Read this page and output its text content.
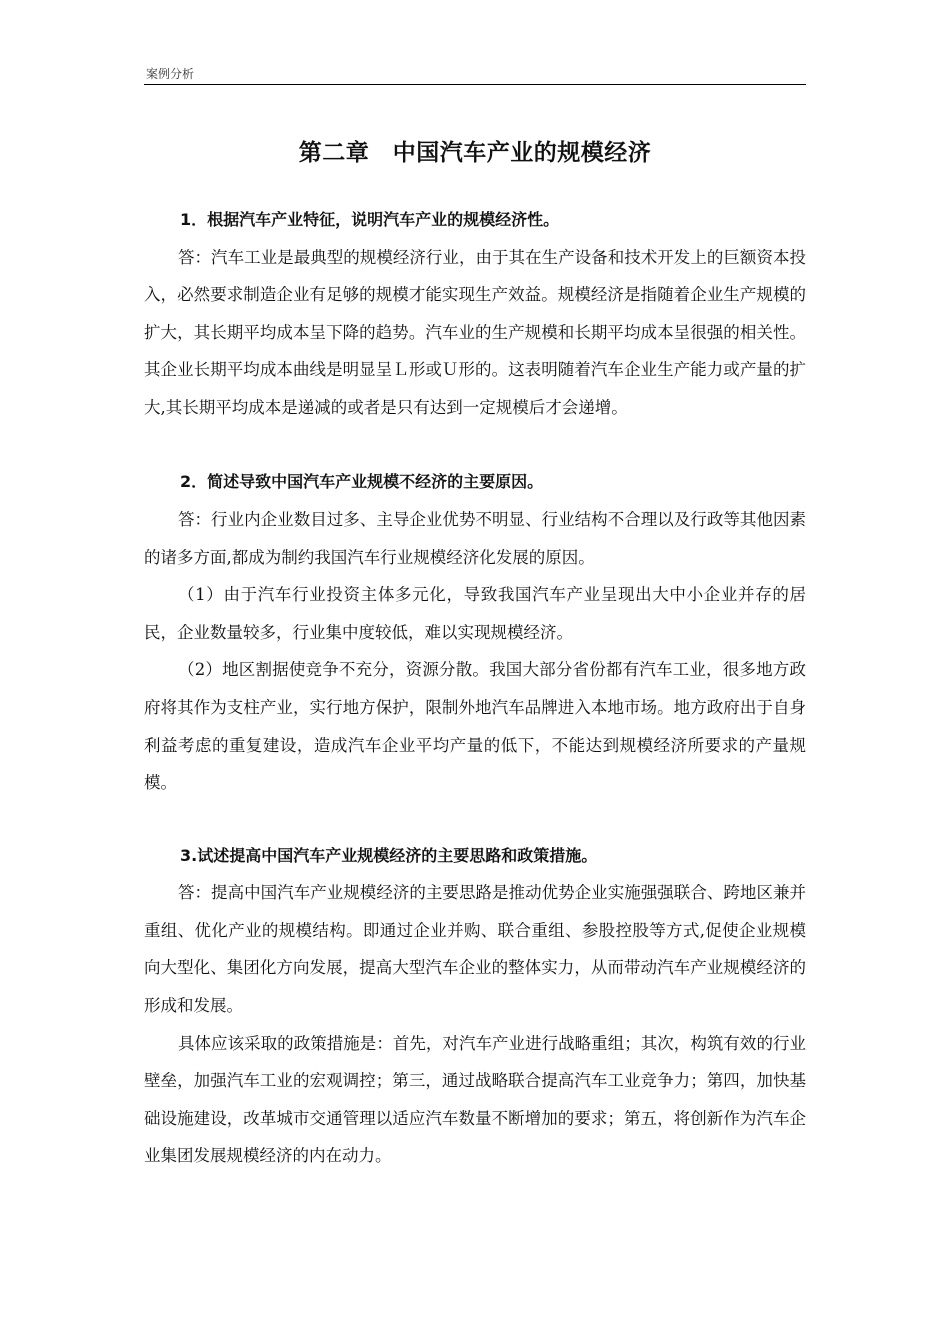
案例分析
第二章　中国汽车产业的规模经济

1．根据汽车产业特征，说明汽车产业的规模经济性。

答：汽车工业是最典型的规模经济行业，由于其在生产设备和技术开发上的巨额资本投入，必然要求制造企业有足够的规模才能实现生产效益。规模经济是指随着企业生产规模的扩大，其长期平均成本呈下降的趋势。汽车业的生产规模和长期平均成本呈很强的相关性。其企业长期平均成本曲线是明显呈Ｌ形或Ｕ形的。这表明随着汽车企业生产能力或产量的扩大,其长期平均成本是递减的或者是只有达到一定规模后才会递增。

2．简述导致中国汽车产业规模不经济的主要原因。

答：行业内企业数目过多、主导企业优势不明显、行业结构不合理以及行政等其他因素的诸多方面,都成为制约我国汽车行业规模经济化发展的原因。

（1）由于汽车行业投资主体多元化，导致我国汽车产业呈现出大中小企业并存的居民，企业数量较多，行业集中度较低，难以实现规模经济。

（2）地区割据使竞争不充分，资源分散。我国大部分省份都有汽车工业，很多地方政府将其作为支柱产业，实行地方保护，限制外地汽车品牌进入本地市场。地方政府出于自身利益考虑的重复建设，造成汽车企业平均产量的低下，不能达到规模经济所要求的产量规模。

3.试述提高中国汽车产业规模经济的主要思路和政策措施。

答：提高中国汽车产业规模经济的主要思路是推动优势企业实施强强联合、跨地区兼并重组、优化产业的规模结构。即通过企业并购、联合重组、参股控股等方式,促使企业规模向大型化、集团化方向发展，提高大型汽车企业的整体实力，从而带动汽车产业规模经济的形成和发展。

具体应该采取的政策措施是：首先，对汽车产业进行战略重组；其次，构筑有效的行业壁垒，加强汽车工业的宏观调控；第三，通过战略联合提高汽车工业竞争力；第四，加快基础设施建设，改革城市交通管理以适应汽车数量不断增加的要求；第五，将创新作为汽车企业集团发展规模经济的内在动力。
